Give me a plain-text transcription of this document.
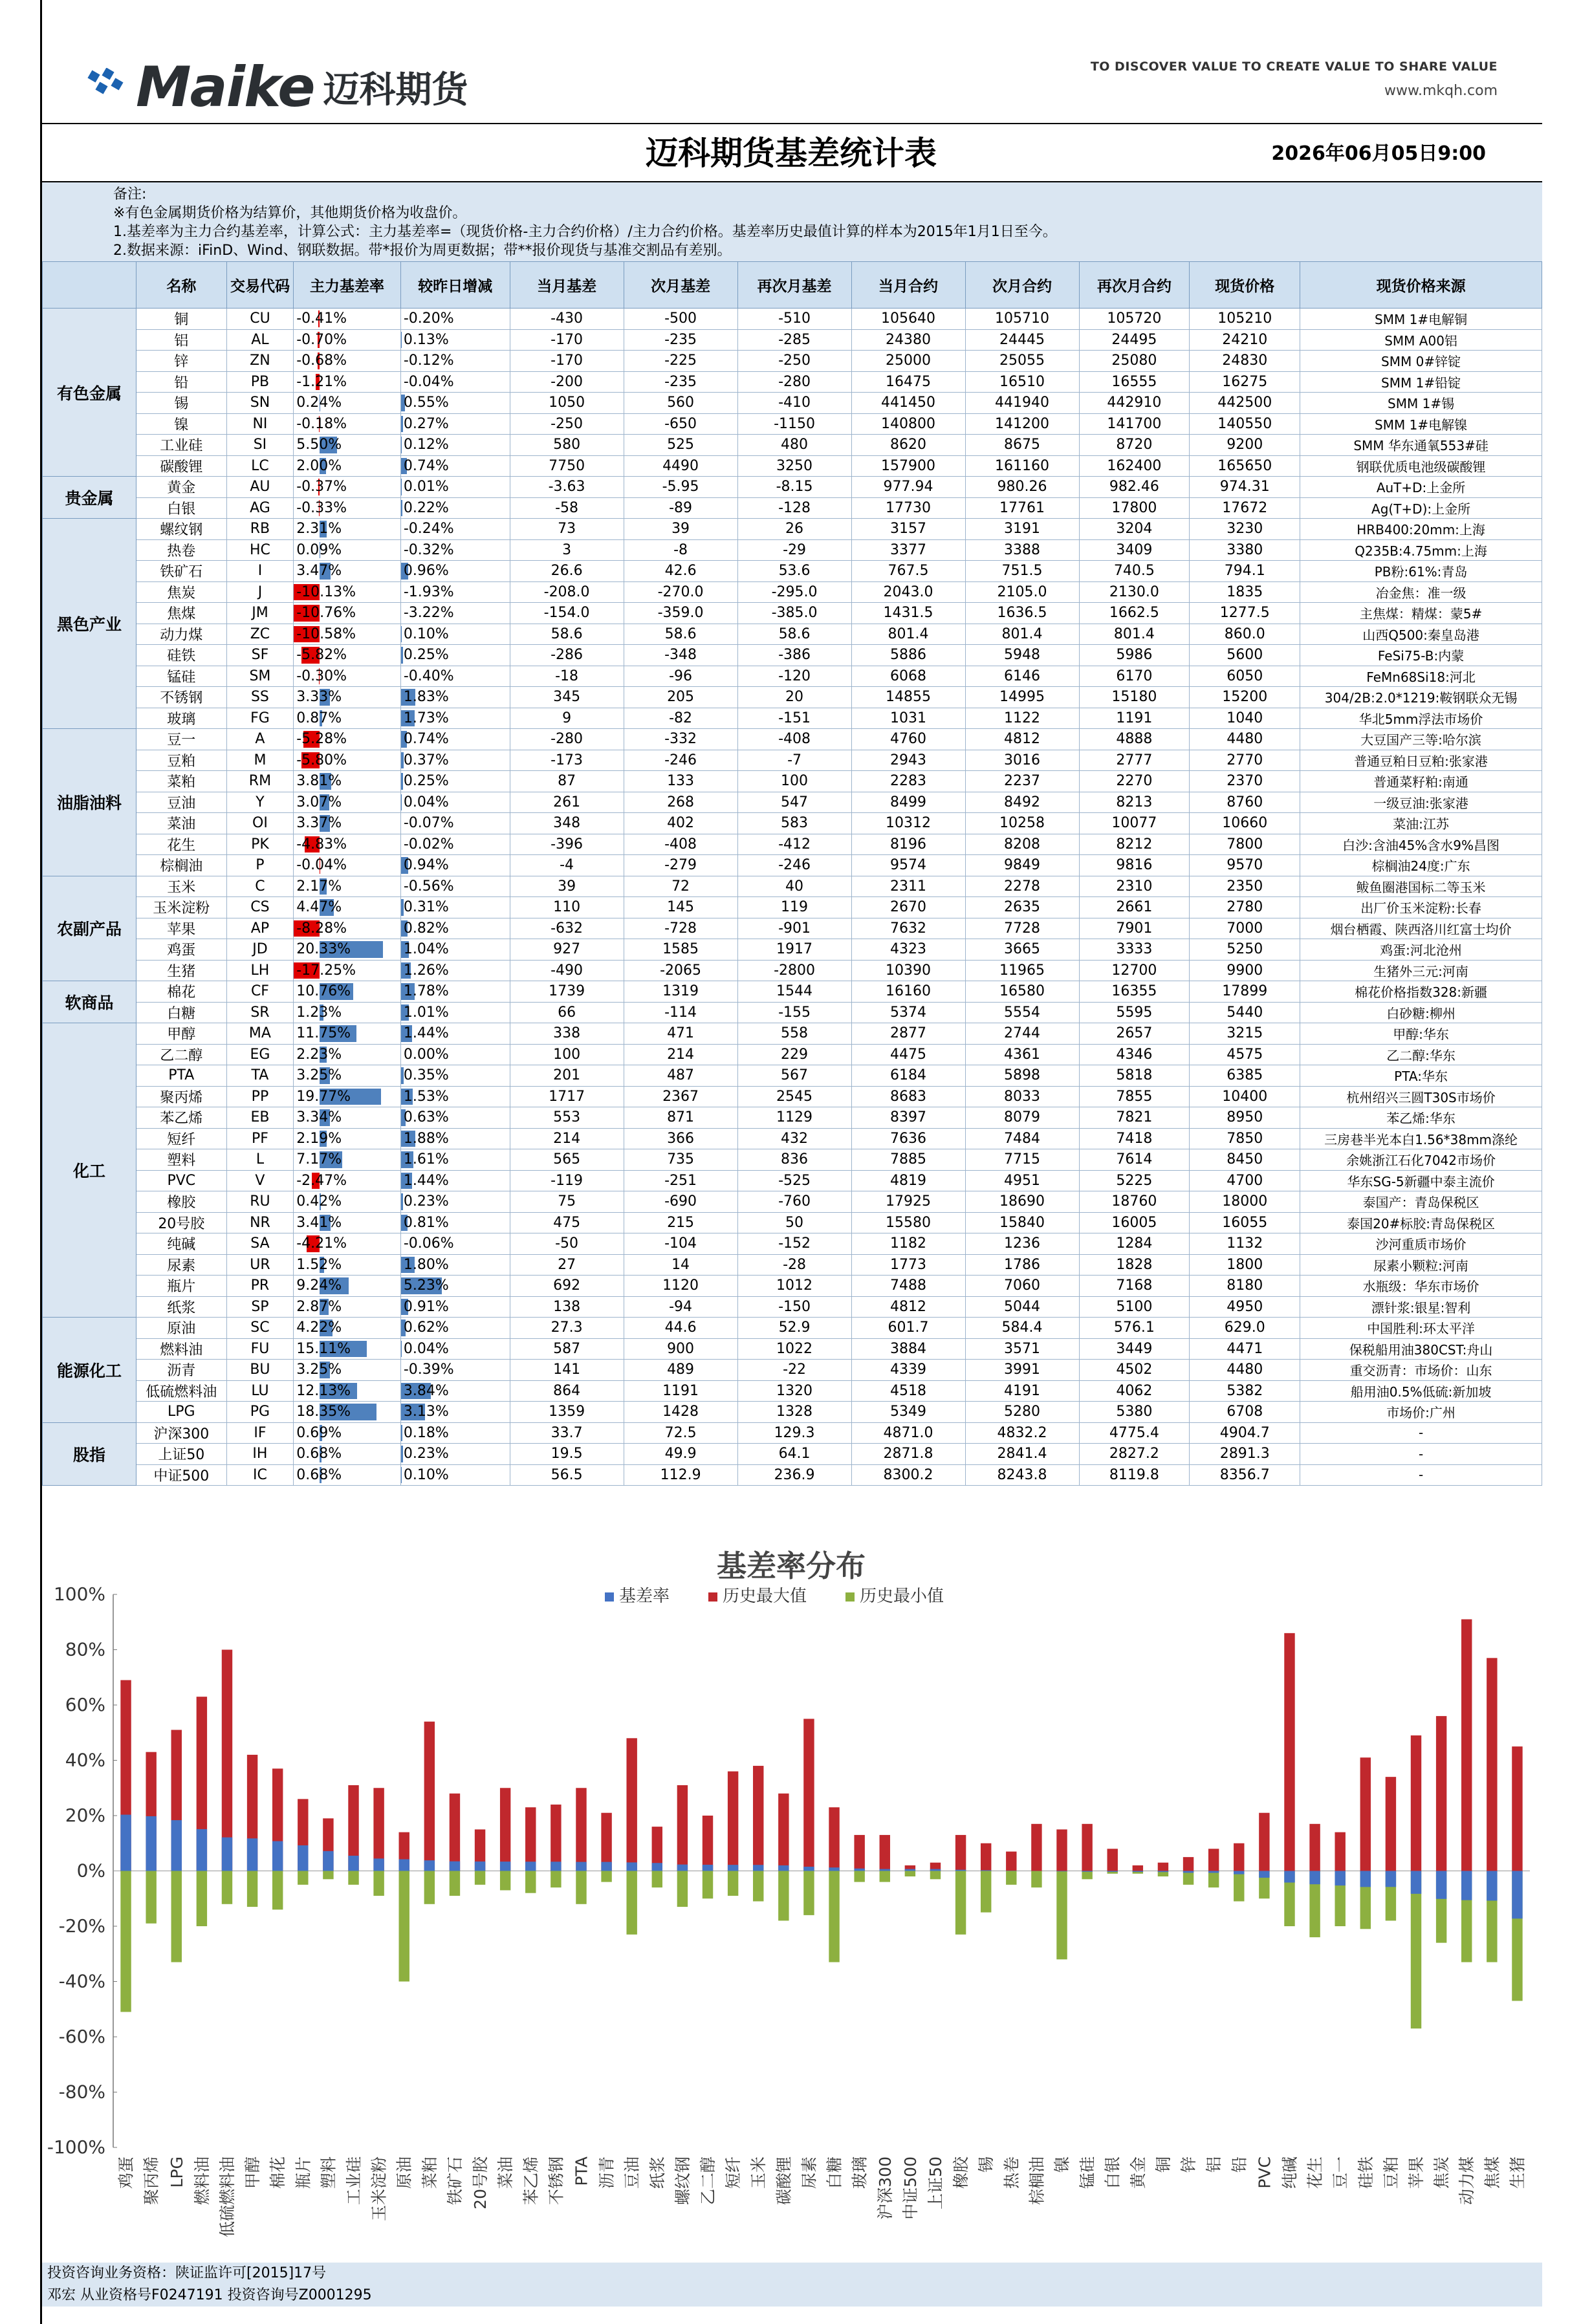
Maike 迈科期货
TO DISCOVER VALUE TO CREATE VALUE TO SHARE VALUE
www.mkqh.com
迈科期货基差统计表	2026年06月05日9:00
备注:
※有色金属期货价格为结算价，其他期货价格为收盘价。
1.基差率为主力合约基差率，计算公式：主力基差率=（现货价格-主力合约价格）/主力合约价格。基差率历史最值计算的样本为2015年1月1日至今。
2.数据来源：iFinD、Wind、钢联数据。带*报价为周更数据；带**报价现货与基准交割品有差别。
	名称	交易代码	主力基差率	较昨日增减	当月基差	次月基差	再次月基差	当月合约	次月合约	再次月合约	现货价格	现货价格来源
有色金属	铜	CU	-0.41%	-0.20%	-430	-500	-510	105640	105710	105720	105210	SMM 1#电解铜
	铝	AL	-0.70%	0.13%	-170	-235	-285	24380	24445	24495	24210	SMM A00铝
	锌	ZN	-0.68%	-0.12%	-170	-225	-250	25000	25055	25080	24830	SMM 0#锌锭
	铅	PB	-1.21%	-0.04%	-200	-235	-280	16475	16510	16555	16275	SMM 1#铅锭
	锡	SN	0.24%	0.55%	1050	560	-410	441450	441940	442910	442500	SMM 1#锡
	镍	NI	-0.18%	0.27%	-250	-650	-1150	140800	141200	141700	140550	SMM 1#电解镍
	工业硅	SI	5.50%	0.12%	580	525	480	8620	8675	8720	9200	SMM 华东通氧553#硅
	碳酸锂	LC	2.00%	0.74%	7750	4490	3250	157900	161160	162400	165650	钢联优质电池级碳酸锂
贵金属	黄金	AU	-0.37%	0.01%	-3.63	-5.95	-8.15	977.94	980.26	982.46	974.31	AuT+D:上金所
	白银	AG	-0.33%	0.22%	-58	-89	-128	17730	17761	17800	17672	Ag(T+D):上金所
黑色产业	螺纹钢	RB	2.31%	-0.24%	73	39	26	3157	3191	3204	3230	HRB400:20mm:上海
	热卷	HC	0.09%	-0.32%	3	-8	-29	3377	3388	3409	3380	Q235B:4.75mm:上海
	铁矿石	I	3.47%	0.96%	26.6	42.6	53.6	767.5	751.5	740.5	794.1	PB粉:61%:青岛
	焦炭	J	-10.13%	-1.93%	-208.0	-270.0	-295.0	2043.0	2105.0	2130.0	1835	冶金焦：准一级
	焦煤	JM	-10.76%	-3.22%	-154.0	-359.0	-385.0	1431.5	1636.5	1662.5	1277.5	主焦煤：精煤：蒙5#
	动力煤	ZC	-10.58%	0.10%	58.6	58.6	58.6	801.4	801.4	801.4	860.0	山西Q500:秦皇岛港
	硅铁	SF	-5.82%	0.25%	-286	-348	-386	5886	5948	5986	5600	FeSi75-B:内蒙
	锰硅	SM	-0.30%	-0.40%	-18	-96	-120	6068	6146	6170	6050	FeMn68Si18:河北
	不锈钢	SS	3.33%	1.83%	345	205	20	14855	14995	15180	15200	304/2B:2.0*1219:鞍钢联众无锡
	玻璃	FG	0.87%	1.73%	9	-82	-151	1031	1122	1191	1040	华北5mm浮法市场价
油脂油料	豆一	A	-5.28%	0.74%	-280	-332	-408	4760	4812	4888	4480	大豆国产三等:哈尔滨
	豆粕	M	-5.80%	0.37%	-173	-246	-7	2943	3016	2777	2770	普通豆粕日豆粕:张家港
	菜粕	RM	3.81%	0.25%	87	133	100	2283	2237	2270	2370	普通菜籽粕:南通
	豆油	Y	3.07%	0.04%	261	268	547	8499	8492	8213	8760	一级豆油:张家港
	菜油	OI	3.37%	-0.07%	348	402	583	10312	10258	10077	10660	菜油:江苏
	花生	PK	-4.83%	-0.02%	-396	-408	-412	8196	8208	8212	7800	白沙:含油45%含水9%昌图
	棕榈油	P	-0.04%	0.94%	-4	-279	-246	9574	9849	9816	9570	棕榈油24度:广东
农副产品	玉米	C	2.17%	-0.56%	39	72	40	2311	2278	2310	2350	鲅鱼圈港国标二等玉米
	玉米淀粉	CS	4.47%	0.31%	110	145	119	2670	2635	2661	2780	出厂价玉米淀粉:长春
	苹果	AP	-8.28%	0.82%	-632	-728	-901	7632	7728	7901	7000	烟台栖霞、陕西洛川红富士均价
	鸡蛋	JD	20.33%	1.04%	927	1585	1917	4323	3665	3333	5250	鸡蛋:河北沧州
	生猪	LH	-17.25%	1.26%	-490	-2065	-2800	10390	11965	12700	9900	生猪外三元:河南
软商品	棉花	CF	10.76%	1.78%	1739	1319	1544	16160	16580	16355	17899	棉花价格指数328:新疆
	白糖	SR	1.23%	1.01%	66	-114	-155	5374	5554	5595	5440	白砂糖:柳州
化工	甲醇	MA	11.75%	1.44%	338	471	558	2877	2744	2657	3215	甲醇:华东
	乙二醇	EG	2.23%	0.00%	100	214	229	4475	4361	4346	4575	乙二醇:华东
	PTA	TA	3.25%	0.35%	201	487	567	6184	5898	5818	6385	PTA:华东
	聚丙烯	PP	19.77%	1.53%	1717	2367	2545	8683	8033	7855	10400	杭州绍兴三圆T30S市场价
	苯乙烯	EB	3.34%	0.63%	553	871	1129	8397	8079	7821	8950	苯乙烯:华东
	短纤	PF	2.19%	1.88%	214	366	432	7636	7484	7418	7850	三房巷半光本白1.56*38mm涤纶
	塑料	L	7.17%	1.61%	565	735	836	7885	7715	7614	8450	余姚浙江石化7042市场价
	PVC	V	-2.47%	1.44%	-119	-251	-525	4819	4951	5225	4700	华东SG-5新疆中泰主流价
	橡胶	RU	0.42%	0.23%	75	-690	-760	17925	18690	18760	18000	泰国产：青岛保税区
	20号胶	NR	3.41%	0.81%	475	215	50	15580	15840	16005	16055	泰国20#标胶:青岛保税区
	纯碱	SA	-4.21%	-0.06%	-50	-104	-152	1182	1236	1284	1132	沙河重质市场价
	尿素	UR	1.52%	1.80%	27	14	-28	1773	1786	1828	1800	尿素小颗粒:河南
	瓶片	PR	9.24%	5.23%	692	1120	1012	7488	7060	7168	8180	水瓶级：华东市场价
	纸浆	SP	2.87%	0.91%	138	-94	-150	4812	5044	5100	4950	漂针浆:银星:智利
能源化工	原油	SC	4.22%	0.62%	27.3	44.6	52.9	601.7	584.4	576.1	629.0	中国胜利:环太平洋
	燃料油	FU	15.11%	0.04%	587	900	1022	3884	3571	3449	4471	保税船用油380CST:舟山
	沥青	BU	3.25%	-0.39%	141	489	-22	4339	3991	4502	4480	重交沥青：市场价：山东
	低硫燃料油	LU	12.13%	3.84%	864	1191	1320	4518	4191	4062	5382	船用油0.5%低硫:新加坡
	LPG	PG	18.35%	3.13%	1359	1428	1328	5349	5280	5380	6708	市场价:广州
股指	沪深300	IF	0.69%	0.18%	33.7	72.5	129.3	4871.0	4832.2	4775.4	4904.7	-
	上证50	IH	0.68%	0.23%	19.5	49.9	64.1	2871.8	2841.4	2827.2	2891.3	-
	中证500	IC	0.68%	0.10%	56.5	112.9	236.9	8300.2	8243.8	8119.8	8356.7	-
基差率分布
基差率	历史最大值	历史最小值
100%
80%
60%
40%
20%
0%
-20%
-40%
-60%
-80%
-100%
鸡蛋 聚丙烯 LPG 燃料油 低硫燃料油 甲醇 棉花 瓶片 塑料 工业硅 玉米淀粉 原油 菜粕 铁矿石 20号胶 菜油 苯乙烯 不锈钢 PTA 沥青 豆油 纸浆 螺纹钢 乙二醇 短纤 玉米 碳酸锂 尿素 白糖 玻璃 沪深300 中证500 上证50 橡胶 锡 热卷 棕榈油 镍 锰硅 白银 黄金 铜 锌 铝 铅 PVC 纯碱 花生 豆一 硅铁 豆粕 苹果 焦炭 动力煤 焦煤 生猪
投资咨询业务资格：陕证监许可[2015]17号
邓宏 从业资格号F0247191 投资咨询号Z0001295
